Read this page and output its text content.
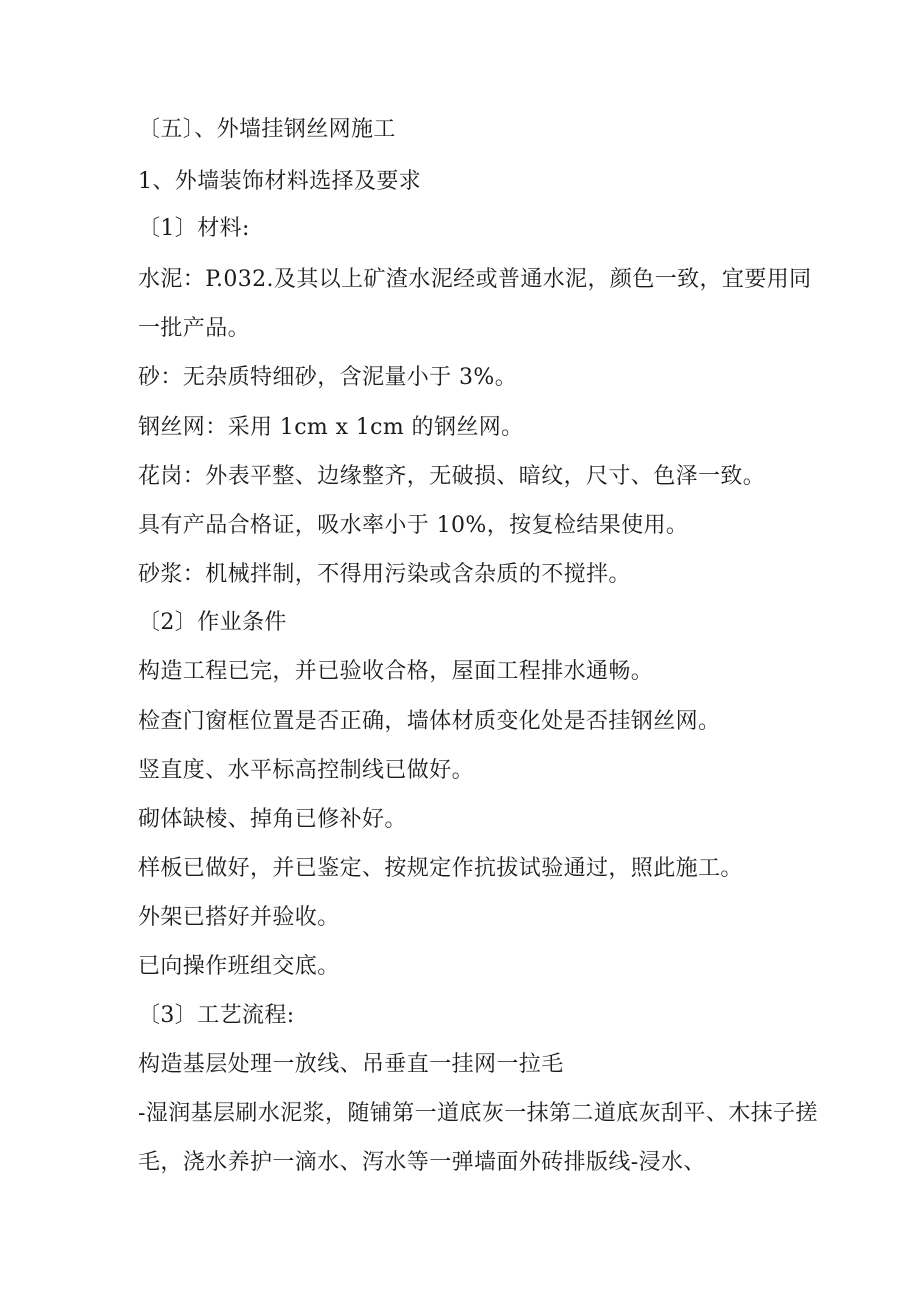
〔五〕、外墙挂钢丝网施工
1、外墙装饰材料选择及要求
〔1〕材料:
水泥：P.032.及其以上矿渣水泥经或普通水泥，颜色一致，宜要用同
一批产品。
砂：无杂质特细砂，含泥量小于 3%。
钢丝网：采用 1cm x 1cm 的钢丝网。
花岗：外表平整、边缘整齐，无破损、暗纹，尺寸、色泽一致。
具有产品合格证，吸水率小于 10%，按复检结果使用。
砂浆：机械拌制，不得用污染或含杂质的不搅拌。
〔2〕作业条件
构造工程已完，并已验收合格，屋面工程排水通畅。
检查门窗框位置是否正确，墙体材质变化处是否挂钢丝网。
竖直度、水平标高控制线已做好。
砌体缺棱、掉角已修补好。
样板已做好，并已鉴定、按规定作抗拔试验通过，照此施工。
外架已搭好并验收。
已向操作班组交底。
〔3〕工艺流程:
构造基层处理一放线、吊垂直一挂网一拉毛
-湿润基层刷水泥浆，随铺第一道底灰一抹第二道底灰刮平、木抹子搓
毛，浇水养护一滴水、泻水等一弹墙面外砖排版线-浸水、
